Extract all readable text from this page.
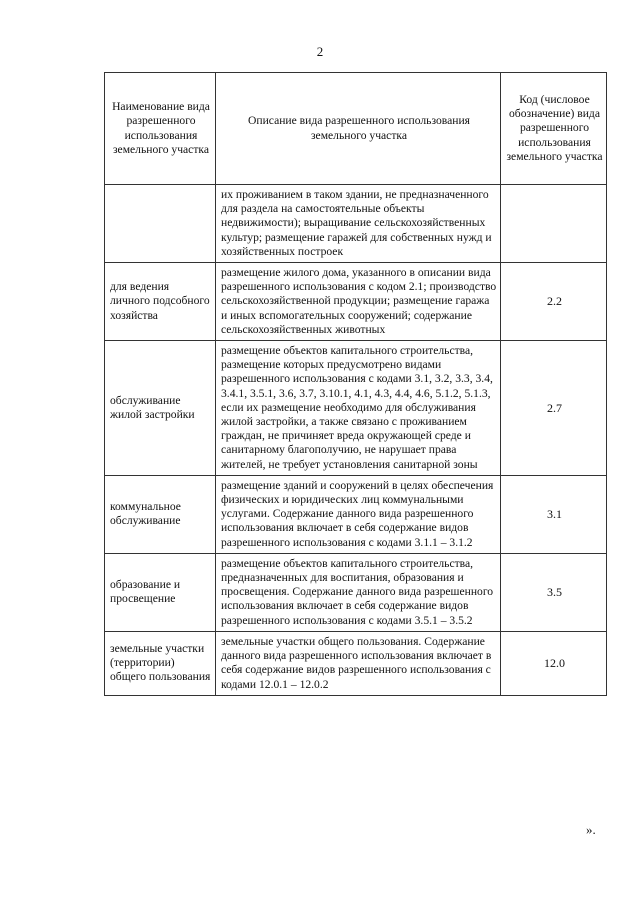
2
Наименование вида разрешенного использования земельного участка	Описание вида разрешенного использования земельного участка	Код (числовое обозначение) вида разрешенного использования земельного участка
	их проживанием в таком здании, не предназначенного для раздела на самостоятельные объекты недвижимости); выращивание сельскохозяйственных культур; размещение гаражей для собственных нужд и хозяйственных построек	
для ведения личного подсобного хозяйства	размещение жилого дома, указанного в описании вида разрешенного использования с кодом 2.1; производство сельскохозяйственной продукции; размещение гаража и иных вспомогательных сооружений; содержание сельскохозяйственных животных	2.2
обслуживание жилой застройки	размещение объектов капитального строительства, размещение которых предусмотрено видами разрешенного использования с кодами 3.1, 3.2, 3.3, 3.4, 3.4.1, 3.5.1, 3.6, 3.7, 3.10.1, 4.1, 4.3, 4.4, 4.6, 5.1.2, 5.1.3, если их размещение необходимо для обслуживания жилой застройки, а также связано с проживанием граждан, не причиняет вреда окружающей среде и санитарному благополучию, не нарушает права жителей, не требует установления санитарной зоны	2.7
коммунальное обслуживание	размещение зданий и сооружений в целях обеспечения физических и юридических лиц коммунальными услугами. Содержание данного вида разрешенного использования включает в себя содержание видов разрешенного использования с кодами 3.1.1 – 3.1.2	3.1
образование и просвещение	размещение объектов капитального строительства, предназначенных для воспитания, образования и просвещения. Содержание данного вида разрешенного использования включает в себя содержание видов разрешенного использования с кодами 3.5.1 – 3.5.2	3.5
земельные участки (территории) общего пользования	земельные участки общего пользования. Содержание данного вида разрешенного использования включает в себя содержание видов разрешенного использования с кодами 12.0.1 – 12.0.2	12.0
».
